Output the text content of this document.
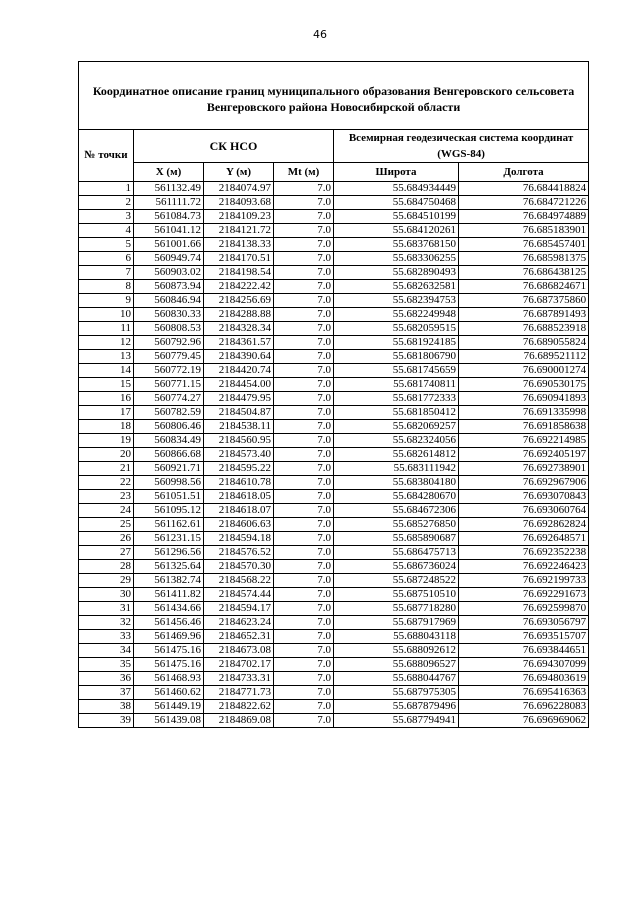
46
Координатное описание границ муниципального образования Венгеровского сельсовета Венгеровского района Новосибирской области					
№ точки	СК НСО			Всемирная геодезическая система координат (WGS-84)	
	X (м)	Y (м)	Mt (м)	Широта	Долгота
1	561132.49	2184074.97	7.0	55.684934449	76.684418824
2	561111.72	2184093.68	7.0	55.684750468	76.684721226
3	561084.73	2184109.23	7.0	55.684510199	76.684974889
4	561041.12	2184121.72	7.0	55.684120261	76.685183901
5	561001.66	2184138.33	7.0	55.683768150	76.685457401
6	560949.74	2184170.51	7.0	55.683306255	76.685981375
7	560903.02	2184198.54	7.0	55.682890493	76.686438125
8	560873.94	2184222.42	7.0	55.682632581	76.686824671
9	560846.94	2184256.69	7.0	55.682394753	76.687375860
10	560830.33	2184288.88	7.0	55.682249948	76.687891493
11	560808.53	2184328.34	7.0	55.682059515	76.688523918
12	560792.96	2184361.57	7.0	55.681924185	76.689055824
13	560779.45	2184390.64	7.0	55.681806790	76.689521112
14	560772.19	2184420.74	7.0	55.681745659	76.690001274
15	560771.15	2184454.00	7.0	55.681740811	76.690530175
16	560774.27	2184479.95	7.0	55.681772333	76.690941893
17	560782.59	2184504.87	7.0	55.681850412	76.691335998
18	560806.46	2184538.11	7.0	55.682069257	76.691858638
19	560834.49	2184560.95	7.0	55.682324056	76.692214985
20	560866.68	2184573.40	7.0	55.682614812	76.692405197
21	560921.71	2184595.22	7.0	55.683111942	76.692738901
22	560998.56	2184610.78	7.0	55.683804180	76.692967906
23	561051.51	2184618.05	7.0	55.684280670	76.693070843
24	561095.12	2184618.07	7.0	55.684672306	76.693060764
25	561162.61	2184606.63	7.0	55.685276850	76.692862824
26	561231.15	2184594.18	7.0	55.685890687	76.692648571
27	561296.56	2184576.52	7.0	55.686475713	76.692352238
28	561325.64	2184570.30	7.0	55.686736024	76.692246423
29	561382.74	2184568.22	7.0	55.687248522	76.692199733
30	561411.82	2184574.44	7.0	55.687510510	76.692291673
31	561434.66	2184594.17	7.0	55.687718280	76.692599870
32	561456.46	2184623.24	7.0	55.687917969	76.693056797
33	561469.96	2184652.31	7.0	55.688043118	76.693515707
34	561475.16	2184673.08	7.0	55.688092612	76.693844651
35	561475.16	2184702.17	7.0	55.688096527	76.694307099
36	561468.93	2184733.31	7.0	55.688044767	76.694803619
37	561460.62	2184771.73	7.0	55.687975305	76.695416363
38	561449.19	2184822.62	7.0	55.687879496	76.696228083
39	561439.08	2184869.08	7.0	55.687794941	76.696969062
